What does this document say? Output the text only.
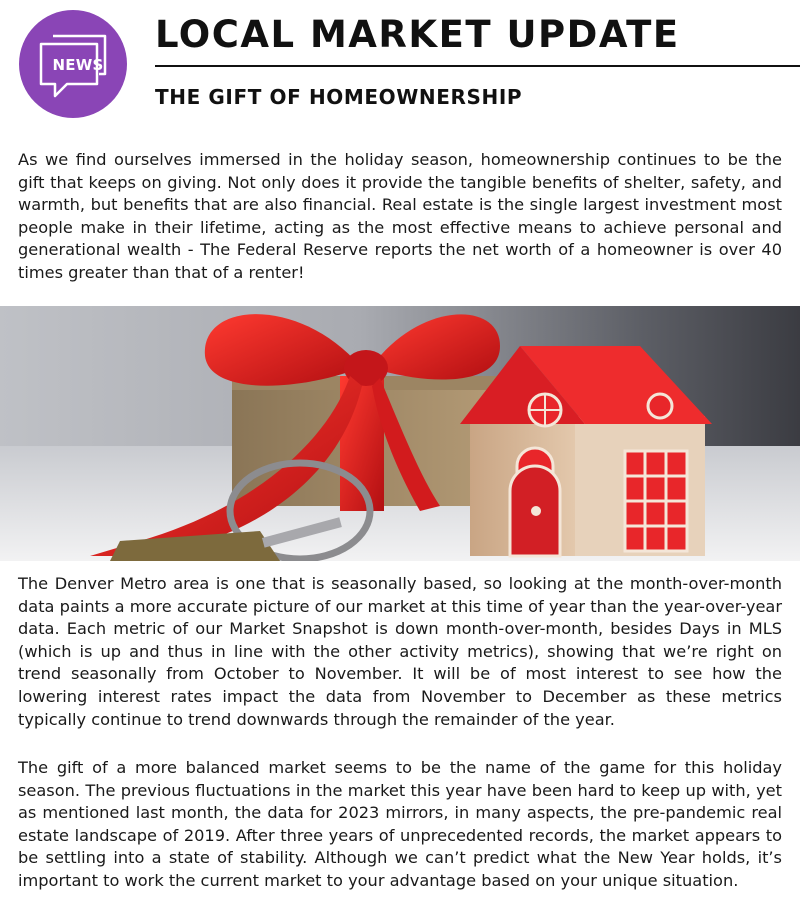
NEWS
LOCAL MARKET UPDATE
THE GIFT OF HOMEOWNERSHIP

As we find ourselves immersed in the holiday season, homeownership continues to be the gift that keeps on giving. Not only does it provide the tangible benefits of shelter, safety, and warmth, but benefits that are also financial. Real estate is the single largest investment most people make in their lifetime, acting as the most effective means to achieve personal and generational wealth - The Federal Reserve reports the net worth of a homeowner is over 40 times greater than that of a renter!

The Denver Metro area is one that is seasonally based, so looking at the month-over-month data paints a more accurate picture of our market at this time of year than the year-over-year data. Each metric of our Market Snapshot is down month-over-month, besides Days in MLS (which is up and thus in line with the other activity metrics), showing that we’re right on trend seasonally from October to November. It will be of most interest to see how the lowering interest rates impact the data from November to December as these metrics typically continue to trend downwards through the remainder of the year.

The gift of a more balanced market seems to be the name of the game for this holiday season. The previous fluctuations in the market this year have been hard to keep up with, yet as mentioned last month, the data for 2023 mirrors, in many aspects, the pre-pandemic real estate landscape of 2019. After three years of unprecedented records, the market appears to be settling into a state of stability. Although we can’t predict what the New Year holds, it’s important to work the current market to your advantage based on your unique situation.
